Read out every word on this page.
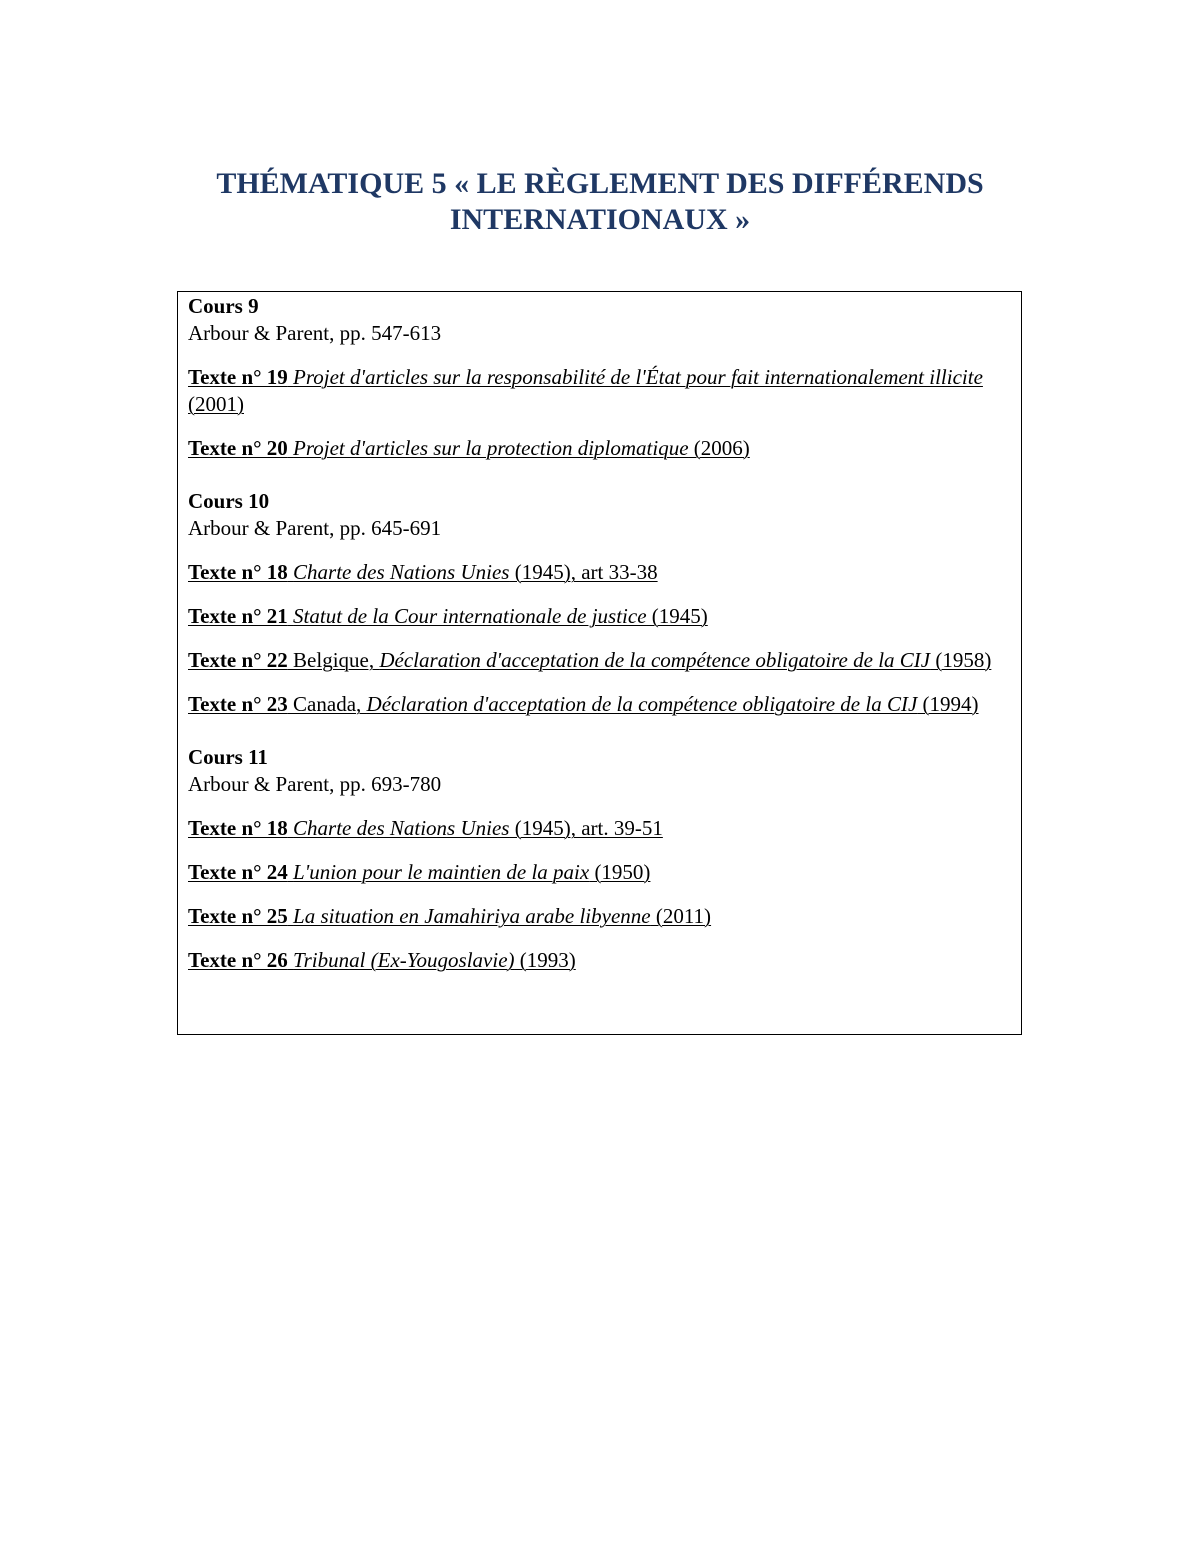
THÉMATIQUE 5 « LE RÈGLEMENT DES DIFFÉRENDS
INTERNATIONAUX »
Cours 9
Arbour & Parent, pp. 547-613
Texte n° 19 Projet d'articles sur la responsabilité de l'État pour fait internationalement illicite (2001)
Texte n° 20 Projet d'articles sur la protection diplomatique (2006)
Cours 10
Arbour & Parent, pp. 645-691
Texte n° 18 Charte des Nations Unies (1945), art 33-38
Texte n° 21 Statut de la Cour internationale de justice (1945)
Texte n° 22 Belgique, Déclaration d'acceptation de la compétence obligatoire de la CIJ (1958)
Texte n° 23 Canada, Déclaration d'acceptation de la compétence obligatoire de la CIJ (1994)
Cours 11
Arbour & Parent, pp. 693-780
Texte n° 18 Charte des Nations Unies (1945), art. 39-51
Texte n° 24 L'union pour le maintien de la paix (1950)
Texte n° 25 La situation en Jamahiriya arabe libyenne (2011)
Texte n° 26 Tribunal (Ex-Yougoslavie) (1993)
